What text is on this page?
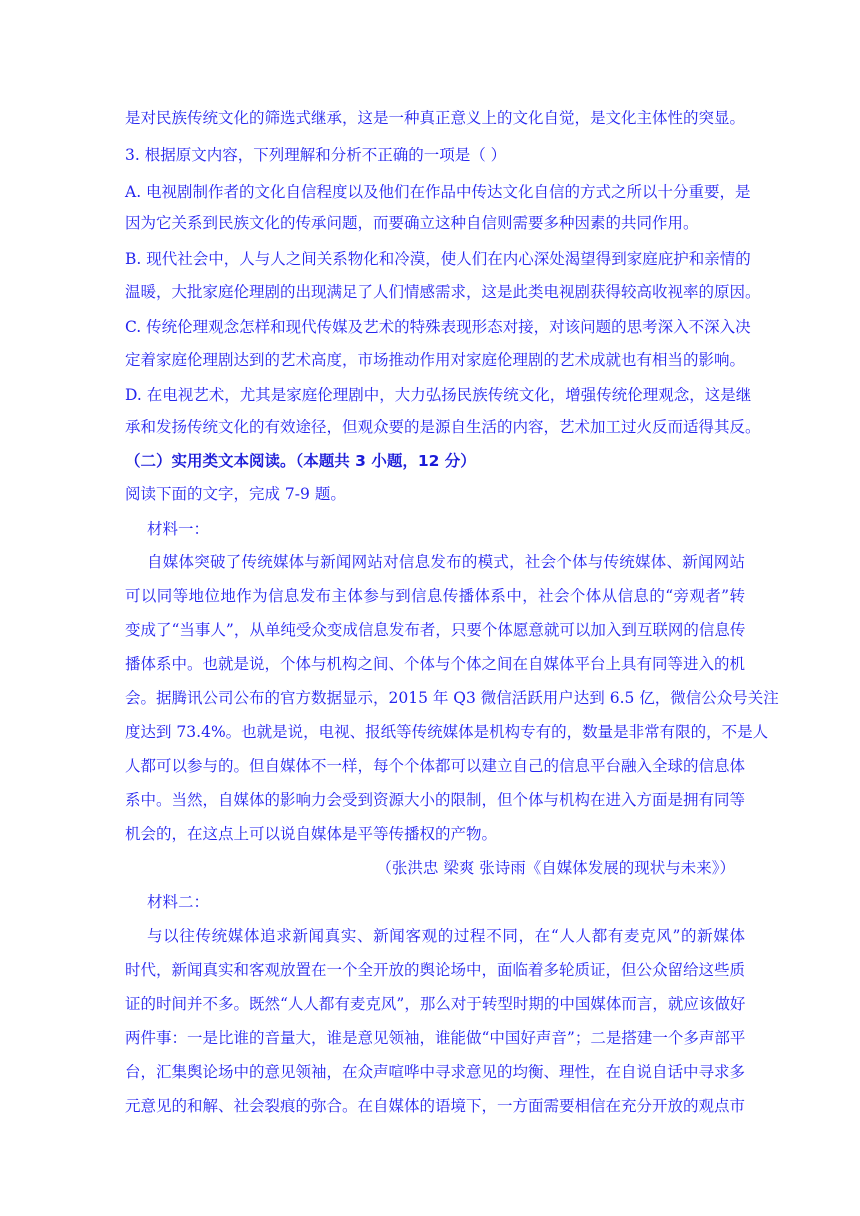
是对民族传统文化的筛选式继承，这是一种真正意义上的文化自觉，是文化主体性的突显。
3. 根据原文内容，下列理解和分析不正确的一项是（ ）
A. 电视剧制作者的文化自信程度以及他们在作品中传达文化自信的方式之所以十分重要，是
因为它关系到民族文化的传承问题，而要确立这种自信则需要多种因素的共同作用。
B. 现代社会中，人与人之间关系物化和冷漠，使人们在内心深处渴望得到家庭庇护和亲情的
温暖，大批家庭伦理剧的出现满足了人们情感需求，这是此类电视剧获得较高收视率的原因。
C. 传统伦理观念怎样和现代传媒及艺术的特殊表现形态对接，对该问题的思考深入不深入决
定着家庭伦理剧达到的艺术高度，市场推动作用对家庭伦理剧的艺术成就也有相当的影响。
D. 在电视艺术，尤其是家庭伦理剧中，大力弘扬民族传统文化，增强传统伦理观念，这是继
承和发扬传统文化的有效途径，但观众要的是源自生活的内容，艺术加工过火反而适得其反。
（二）实用类文本阅读。（本题共 3 小题，12 分）
阅读下面的文字，完成 7-9 题。
材料一：
自媒体突破了传统媒体与新闻网站对信息发布的模式，社会个体与传统媒体、新闻网站
可以同等地位地作为信息发布主体参与到信息传播体系中，社会个体从信息的“旁观者”转
变成了“当事人”，从单纯受众变成信息发布者，只要个体愿意就可以加入到互联网的信息传
播体系中。也就是说，个体与机构之间、个体与个体之间在自媒体平台上具有同等进入的机
会。据腾讯公司公布的官方数据显示，2015 年 Q3 微信活跃用户达到 6.5 亿，微信公众号关注
度达到 73.4%。也就是说，电视、报纸等传统媒体是机构专有的，数量是非常有限的，不是人
人都可以参与的。但自媒体不一样，每个个体都可以建立自己的信息平台融入全球的信息体
系中。当然，自媒体的影响力会受到资源大小的限制，但个体与机构在进入方面是拥有同等
机会的，在这点上可以说自媒体是平等传播权的产物。
（张洪忠 梁爽 张诗雨《自媒体发展的现状与未来》）
材料二：
与以往传统媒体追求新闻真实、新闻客观的过程不同，在“人人都有麦克风”的新媒体
时代，新闻真实和客观放置在一个全开放的舆论场中，面临着多轮质证，但公众留给这些质
证的时间并不多。既然“人人都有麦克风”，那么对于转型时期的中国媒体而言，就应该做好
两件事：一是比谁的音量大，谁是意见领袖，谁能做“中国好声音”；二是搭建一个多声部平
台，汇集舆论场中的意见领袖，在众声喧哗中寻求意见的均衡、理性，在自说自话中寻求多
元意见的和解、社会裂痕的弥合。在自媒体的语境下，一方面需要相信在充分开放的观点市
